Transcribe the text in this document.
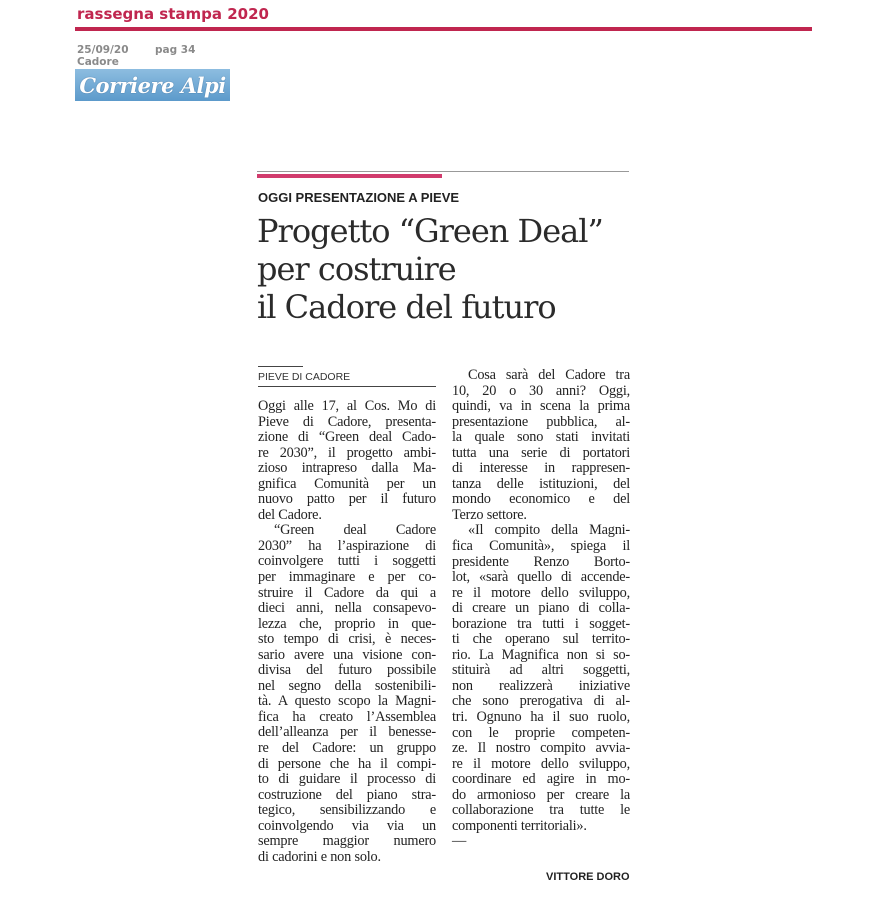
rassegna stampa 2020
25/09/20	pag 34
Cadore
Corriere Alpi
OGGI PRESENTAZIONE A PIEVE
Progetto “Green Deal”
per costruire
il Cadore del futuro
PIEVE DI CADORE
Oggi alle 17, al Cos. Mo di
Pieve di Cadore, presenta-
zione di “Green deal Cado-
re 2030”, il progetto ambi-
zioso intrapreso dalla Ma-
gnifica Comunità per un
nuovo patto per il futuro
del Cadore.
“Green deal Cadore
2030” ha l’aspirazione di
coinvolgere tutti i soggetti
per immaginare e per co-
struire il Cadore da qui a
dieci anni, nella consapevo-
lezza che, proprio in que-
sto tempo di crisi, è neces-
sario avere una visione con-
divisa del futuro possibile
nel segno della sostenibili-
tà. A questo scopo la Magni-
fica ha creato l’Assemblea
dell’alleanza per il benesse-
re del Cadore: un gruppo
di persone che ha il compi-
to di guidare il processo di
costruzione del piano stra-
tegico, sensibilizzando e
coinvolgendo via via un
sempre maggior numero
di cadorini e non solo.
Cosa sarà del Cadore tra
10, 20 o 30 anni? Oggi,
quindi, va in scena la prima
presentazione pubblica, al-
la quale sono stati invitati
tutta una serie di portatori
di interesse in rappresen-
tanza delle istituzioni, del
mondo economico e del
Terzo settore.
«Il compito della Magni-
fica Comunità», spiega il
presidente Renzo Borto-
lot, «sarà quello di accende-
re il motore dello sviluppo,
di creare un piano di colla-
borazione tra tutti i sogget-
ti che operano sul territo-
rio. La Magnifica non si so-
stituirà ad altri soggetti,
non realizzerà iniziative
che sono prerogativa di al-
tri. Ognuno ha il suo ruolo,
con le proprie competen-
ze. Il nostro compito avvia-
re il motore dello sviluppo,
coordinare ed agire in mo-
do armonioso per creare la
collaborazione tra tutte le
componenti territoriali».
—
VITTORE DORO
